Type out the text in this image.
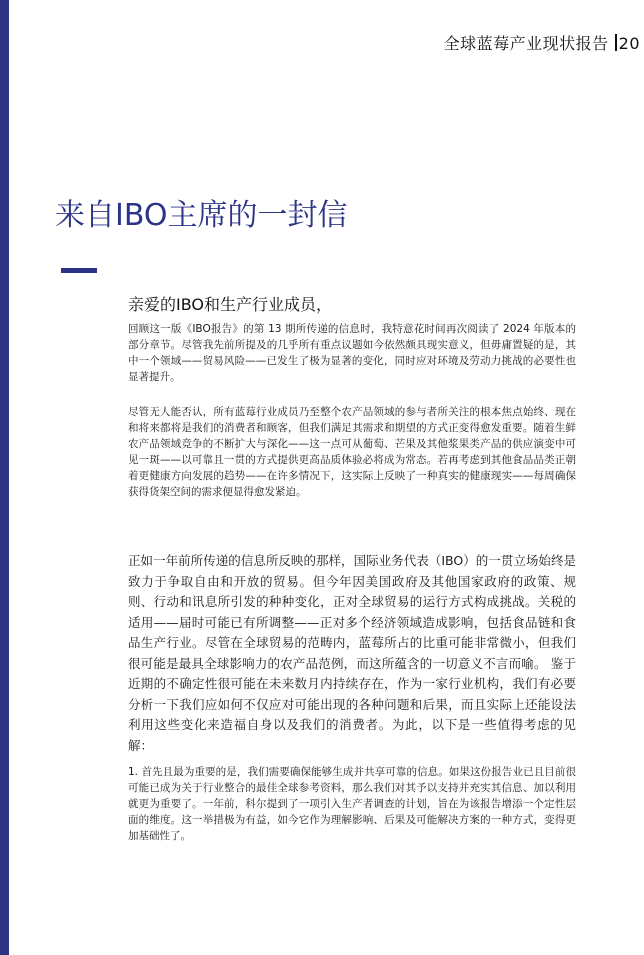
全球蓝莓产业现状报告 20
来自IBO主席的一封信

亲爱的IBO和生产行业成员，

回顾这一版《IBO报告》的第 13 期所传递的信息时，我特意花时间再次阅读了 2024 年版本的部分章节。尽管我先前所提及的几乎所有重点议题如今依然颇具现实意义，但毋庸置疑的是，其中一个领域——贸易风险——已发生了极为显著的变化，同时应对环境及劳动力挑战的必要性也显著提升。

尽管无人能否认，所有蓝莓行业成员乃至整个农产品领域的参与者所关注的根本焦点始终、现在和将来都将是我们的消费者和顾客，但我们满足其需求和期望的方式正变得愈发重要。随着生鲜农产品领域竞争的不断扩大与深化——这一点可从葡萄、芒果及其他浆果类产品的供应演变中可见一斑——以可靠且一贯的方式提供更高品质体验必将成为常态。若再考虑到其他食品品类正朝着更健康方向发展的趋势——在许多情况下，这实际上反映了一种真实的健康现实——每周确保获得货架空间的需求便显得愈发紧迫。

正如一年前所传递的信息所反映的那样，国际业务代表（IBO）的一贯立场始终是致力于争取自由和开放的贸易。但今年因美国政府及其他国家政府的政策、规则、行动和讯息所引发的种种变化，正对全球贸易的运行方式构成挑战。关税的适用——届时可能已有所调整——正对多个经济领域造成影响，包括食品链和食品生产行业。尽管在全球贸易的范畴内，蓝莓所占的比重可能非常微小，但我们很可能是最具全球影响力的农产品范例，而这所蕴含的一切意义不言而喻。 鉴于近期的不确定性很可能在未来数月内持续存在，作为一家行业机构，我们有必要分析一下我们应如何不仅应对可能出现的各种问题和后果，而且实际上还能设法利用这些变化来造福自身以及我们的消费者。为此，以下是一些值得考虑的见解：

1. 首先且最为重要的是，我们需要确保能够生成并共享可靠的信息。如果这份报告业已且目前很可能已成为关于行业整合的最佳全球参考资料，那么我们对其予以支持并充实其信息、加以利用就更为重要了。一年前，科尔提到了一项引入生产者调查的计划，旨在为该报告增添一个定性层面的维度。这一举措极为有益，如今它作为理解影响、后果及可能解决方案的一种方式，变得更加基础性了。
